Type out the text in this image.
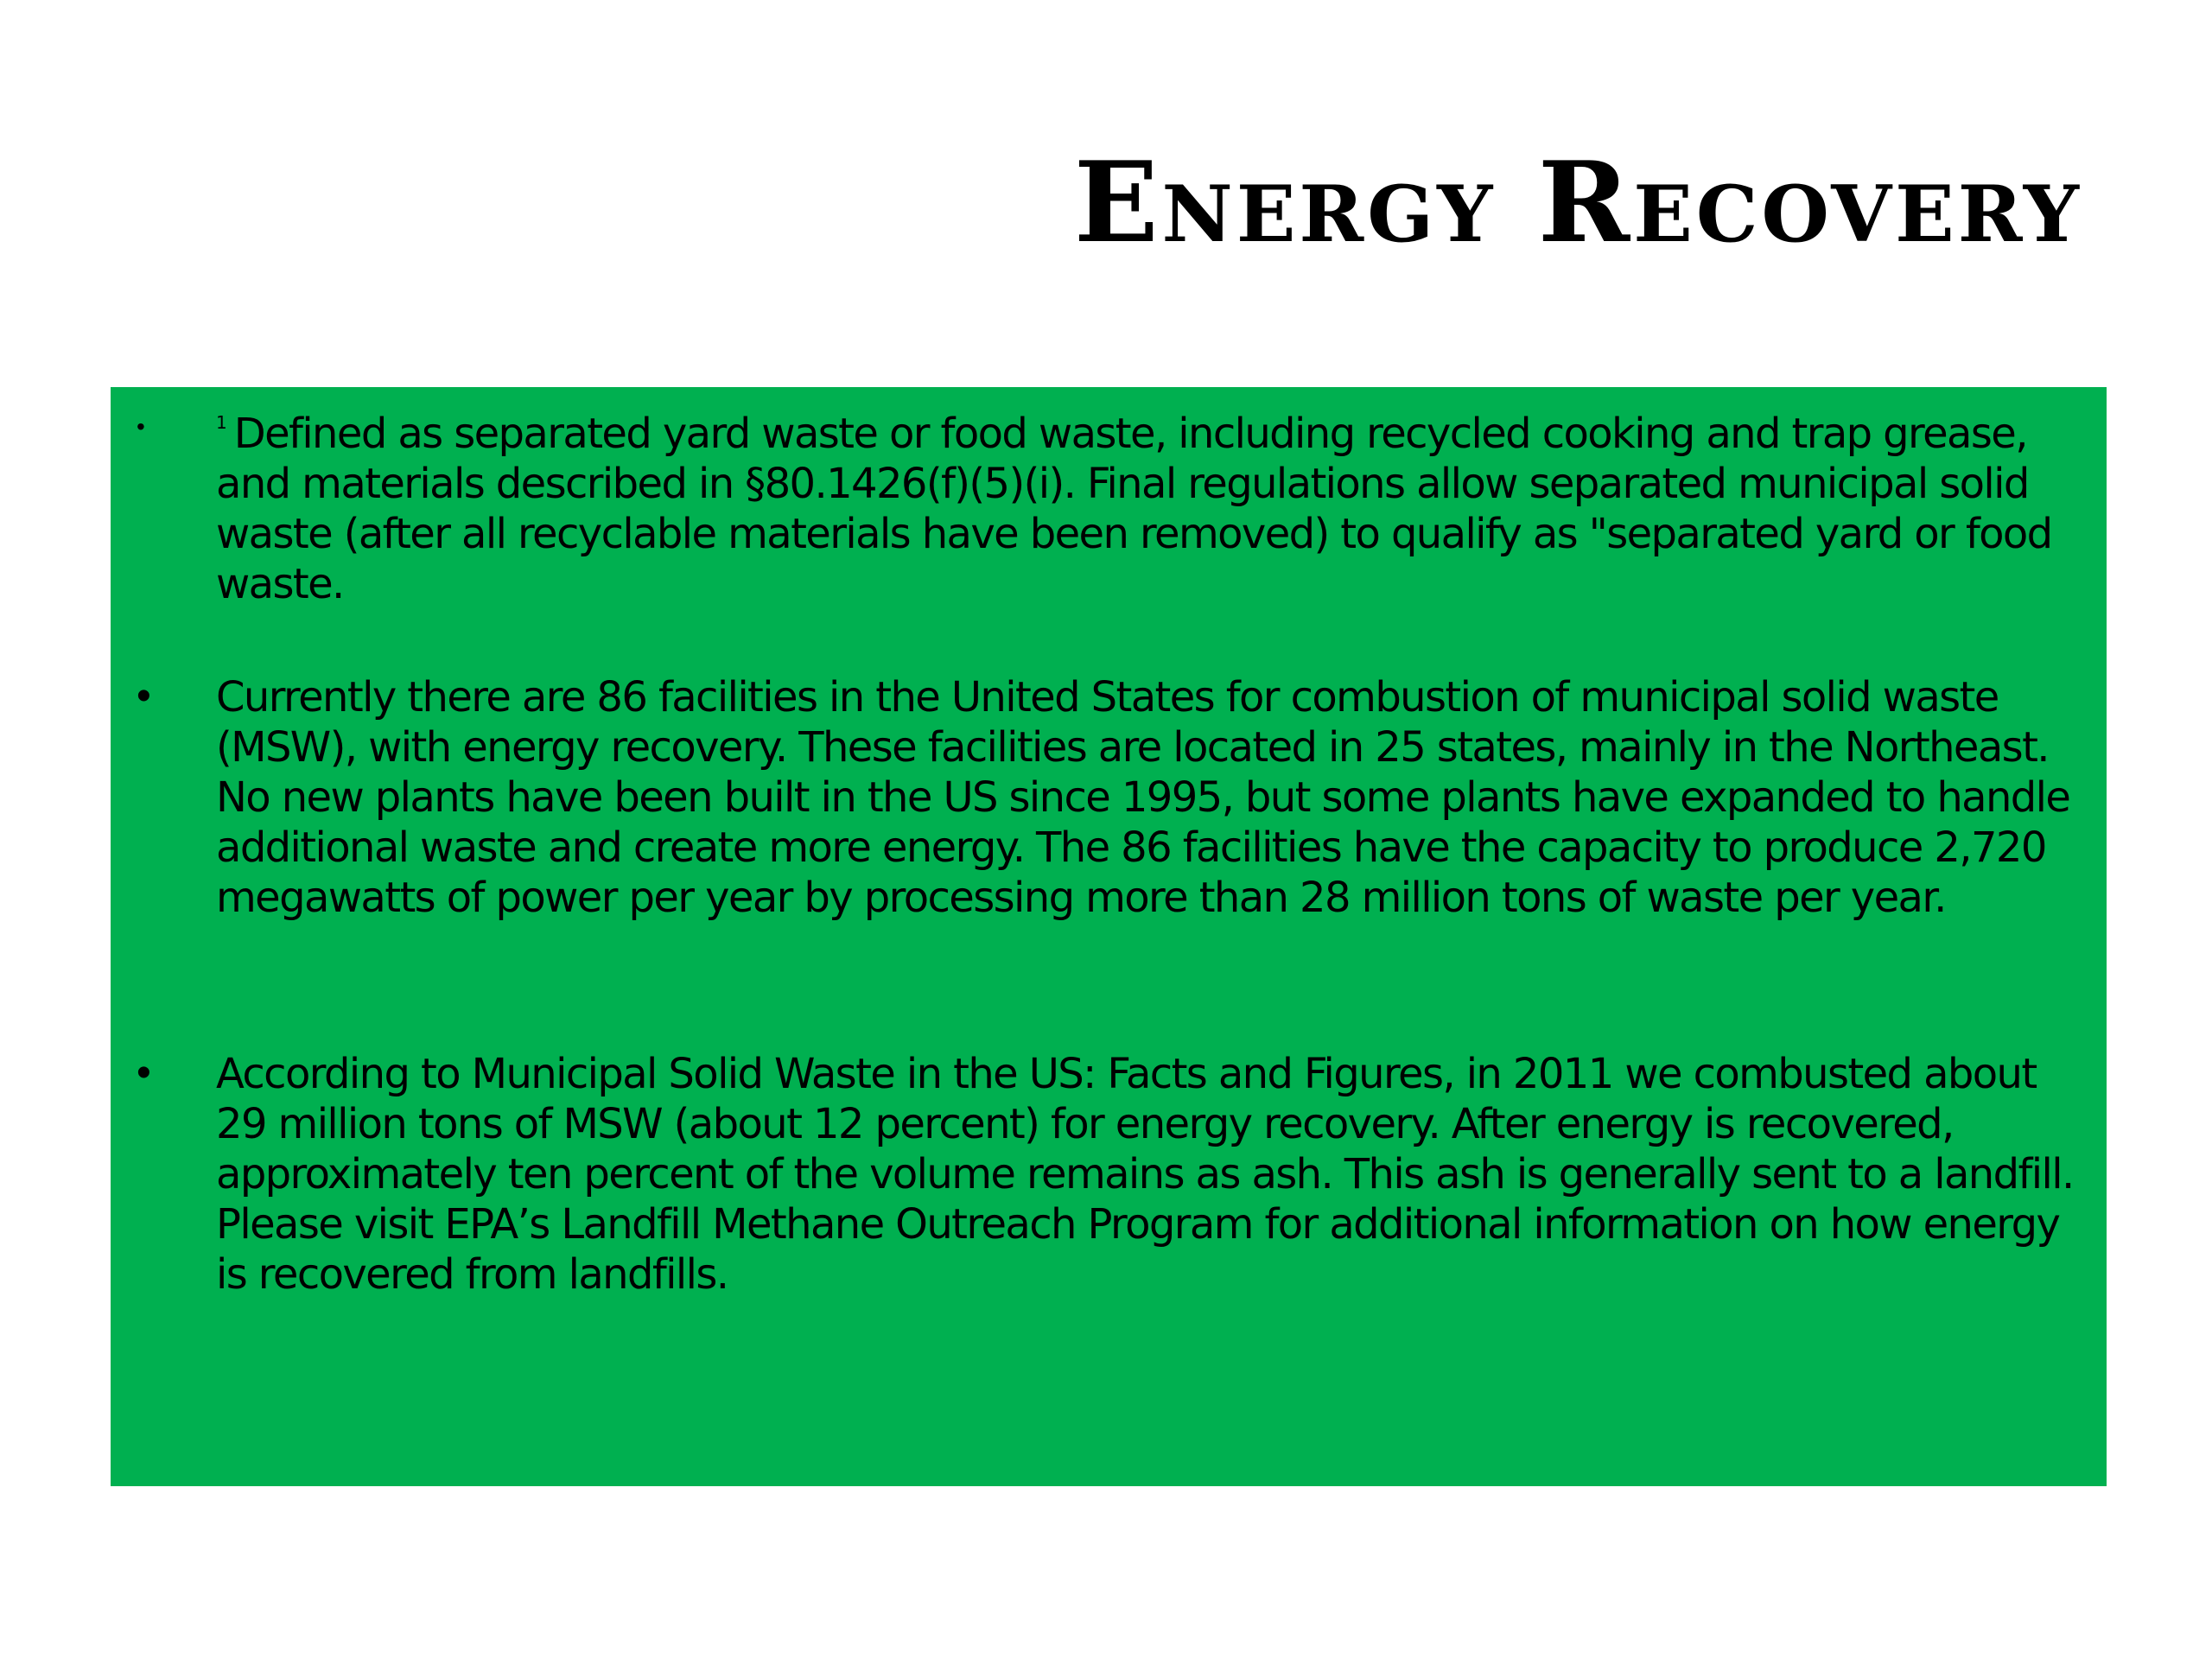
Energy Recovery
•	$^1$ Defined as separated yard waste or food waste, including recycled cooking and trap grease, and materials described in §80.1426(f)(5)(i). Final regulations allow separated municipal solid waste (after all recyclable materials have been removed) to qualify as "separated yard or food waste.
• Currently there are 86 facilities in the United States for combustion of municipal solid waste (MSW), with energy recovery. These facilities are located in 25 states, mainly in the Northeast. No new plants have been built in the US since 1995, but some plants have expanded to handle additional waste and create more energy. The 86 facilities have the capacity to produce 2,720 megawatts of power per year by processing more than 28 million tons of waste per year.
• According to Municipal Solid Waste in the US: Facts and Figures, in 2011 we combusted about 29 million tons of MSW (about 12 percent) for energy recovery. After energy is recovered, approximately ten percent of the volume remains as ash. This ash is generally sent to a landfill. Please visit EPA’s Landfill Methane Outreach Program for additional information on how energy is recovered from landfills.
